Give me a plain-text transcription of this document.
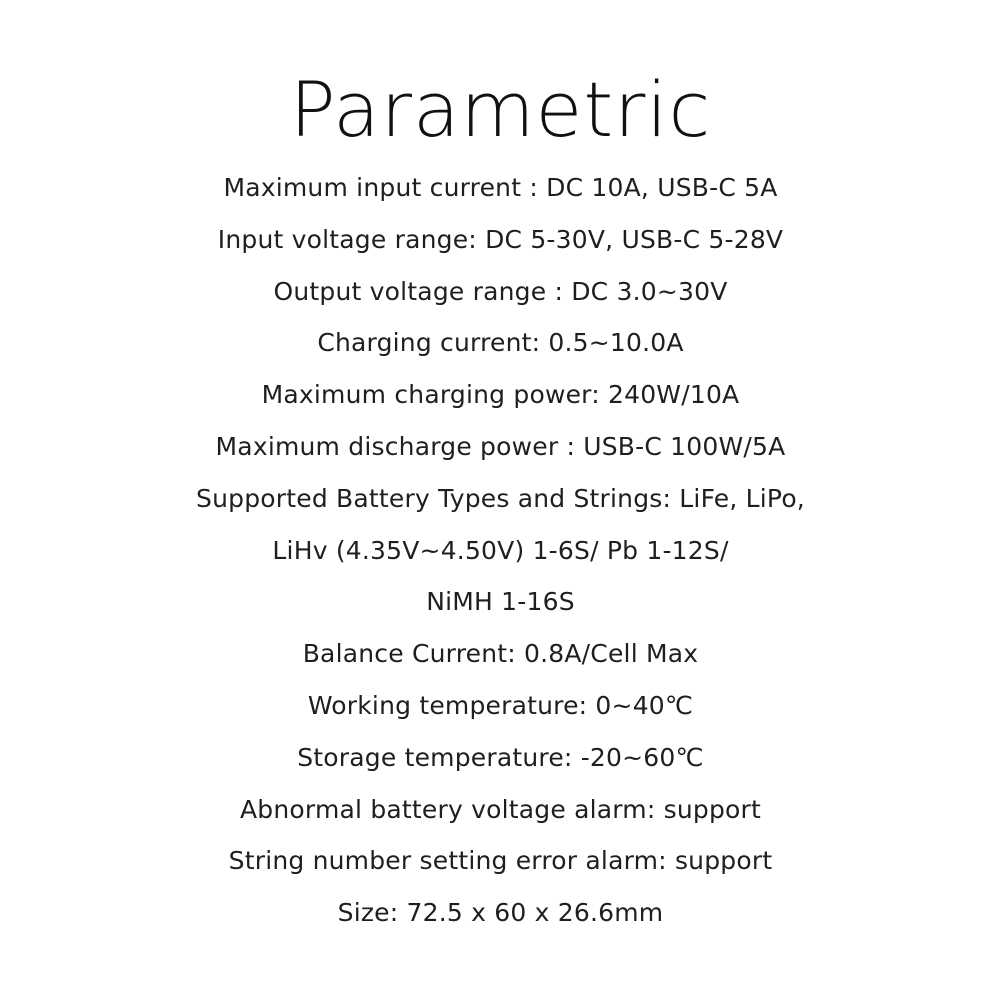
Parametric
Maximum input current : DC 10A, USB-C 5A
Input voltage range: DC 5-30V, USB-C 5-28V
Output voltage range : DC 3.0~30V
Charging current: 0.5~10.0A
Maximum charging power: 240W/10A
Maximum discharge power : USB-C 100W/5A
Supported Battery Types and Strings: LiFe, LiPo,
LiHv (4.35V~4.50V) 1-6S/ Pb 1-12S/
NiMH 1-16S
Balance Current: 0.8A/Cell Max
Working temperature: 0~40℃
Storage temperature: -20~60℃
Abnormal battery voltage alarm: support
String number setting error alarm: support
Size: 72.5 x 60 x 26.6mm
